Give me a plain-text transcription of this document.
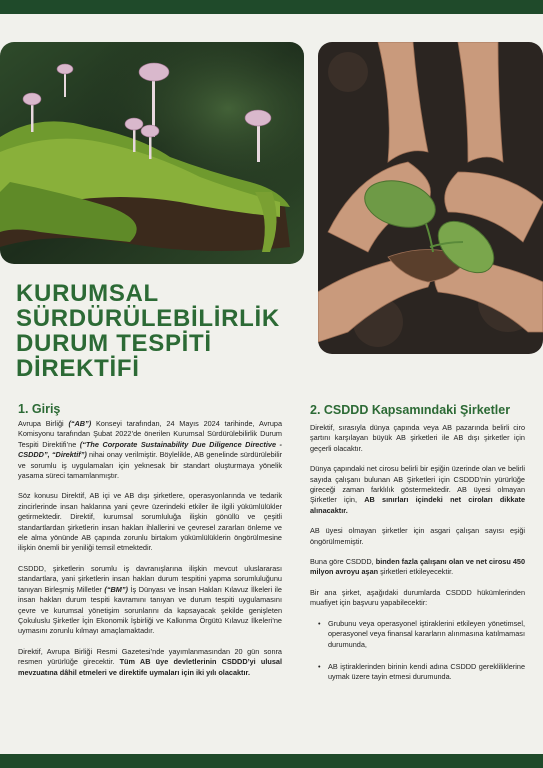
KURUMSAL
SÜRDÜRÜLEBİLİRLİK
DURUM TESPİTİ
DİREKTİFİ
1. Giriş

Avrupa Birliği (“AB”) Konseyi tarafından, 24 Mayıs 2024 tarihinde, Avrupa Komisyonu tarafından Şubat 2022’de önerilen Kurumsal Sürdürülebilirlik Durum Tespiti Direktifi’ne (“The Corporate Sustainability Due Diligence Directive - CSDDD”, “Direktif”) nihai onay verilmiştir. Böylelikle, AB genelinde sürdürülebilir ve sorumlu iş uygulamaları için yeknesak bir standart oluşturmaya yönelik yasama süreci tamamlanmıştır.

Söz konusu Direktif, AB içi ve AB dışı şirketlere, operasyonlarında ve tedarik zincirlerinde insan haklarına yani çevre üzerindeki etkiler ile ilgili yükümlülükler getirmektedir. Direktif, kurumsal sorumluluğa ilişkin gönüllü ve çeşitli standartlardan şirketlerin insan hakları ihlallerini ve çevresel zararları önleme ve ele alma yönünde AB çapında zorunlu birtakım yükümlülüklerin öngörülmesine ilişkin önemli bir yeniliği temsil etmektedir.

CSDDD, şirketlerin sorumlu iş davranışlarına ilişkin mevcut uluslararası standartlara, yani şirketlerin insan hakları durum tespitini yapma sorumluluğunu tanıyan Birleşmiş Milletler (“BM”) İş Dünyası ve İnsan Hakları Kılavuz İlkeleri ile insan hakları durum tespiti kavramını tanıyan ve durum tespiti uygulamasını çevre ve kurumsal yönetişim sorunlarını da kapsayacak şekilde genişleten Çokuluslu Şirketler İçin Ekonomik İşbirliği ve Kalkınma Örgütü Kılavuz İlkeleri’ne uymasını zorunlu kılmayı amaçlamaktadır.

Direktif, Avrupa Birliği Resmi Gazetesi’nde yayımlanmasından 20 gün sonra resmen yürürlüğe girecektir. Tüm AB üye devletlerinin CSDDD’yi ulusal mevzuatına dâhil etmeleri ve direktife uymaları için iki yılı olacaktır.

2. CSDDD Kapsamındaki Şirketler

Direktif, sırasıyla dünya çapında veya AB pazarında belirli ciro şartını karşılayan büyük AB şirketleri ile AB dışı şirketler için geçerli olacaktır.

Dünya çapındaki net cirosu belirli bir eşiğin üzerinde olan ve belirli sayıda çalışanı bulunan AB Şirketleri için CSDDD’nin yürürlüğe gireceği zaman farklılık göstermektedir. AB üyesi olmayan Şirketler için, AB sınırları içindeki net ciroları dikkate alınacaktır.

AB üyesi olmayan şirketler için asgari çalışan sayısı eşiği öngörülmemiştir.

Buna göre CSDDD, binden fazla çalışanı olan ve net cirosu 450 milyon avroyu aşan şirketleri etkileyecektir.

Bir ana şirket, aşağıdaki durumlarda CSDDD hükümlerinden muafiyet için başvuru yapabilecektir:

• Grubunu veya operasyonel iştiraklerini etkileyen yönetimsel, operasyonel veya finansal kararların alınmasına katılmaması durumunda,
• AB iştiraklerinden birinin kendi adına CSDDD gerekliliklerine uymak üzere tayin etmesi durumunda.
